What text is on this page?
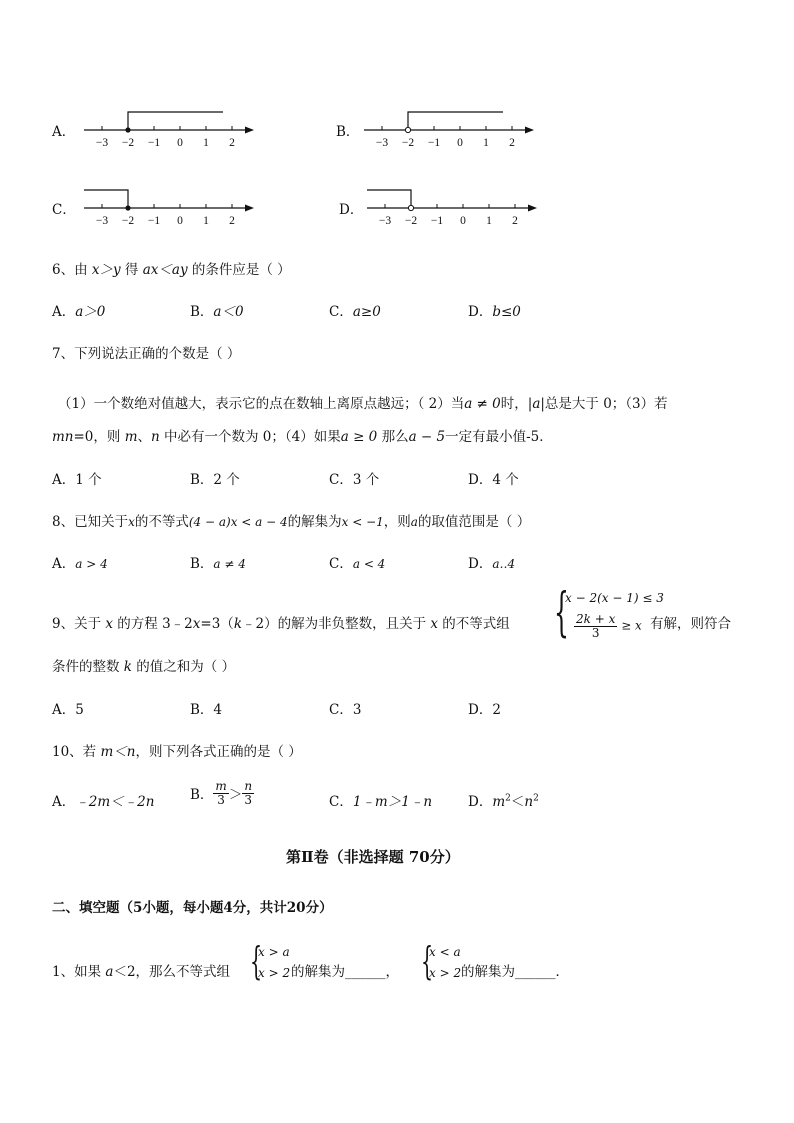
A．
−3 −2 −1 0 1 2
B．
−3 −2 −1 0 1 2
C．
−3 −2 −1 0 1 2
D．
−3 −2 −1 0 1 2
6、由 x＞y 得 ax＜ay 的条件应是（ ）
A．a＞0	B．a＜0	C．a≥0	D．b≤0
7、下列说法正确的个数是（ ）
（1）一个数绝对值越大，表示它的点在数轴上离原点越远；（ 2）当a ≠ 0时，|a|总是大于 0；（3）若
mn=0，则 m、n 中必有一个数为 0；（4）如果a ≥ 0 那么a − 5一定有最小值-5．
A．1 个	B．2 个	C．3 个	D．4 个
8、已知关于x的不等式(4 − a)x < a − 4的解集为x < −1，则a的取值范围是（ ）
A．a > 4	B．a ≠ 4	C．a < 4	D．a‥4
9、关于 x 的方程 3﹣2x=3（k﹣2）的解为非负整数，且关于 x 的不等式组 {
x − 2(x − 1) ≤ 3
$\frac{2k + x}{3} \ge x$ 有解，则符合
条件的整数 k 的值之和为（ ）
A．5	B．4	C．3	D．2
10、若 m＜n，则下列各式正确的是（ ）
A．﹣2m＜﹣2n	B． $\frac{m}{3} > \frac{n}{3}$	C．1﹣m＞1﹣n	D．$m^2<n^2$
第Ⅱ卷（非选择题 70分）
二、填空题（5小题，每小题4分，共计20分）
1、如果 a＜2，那么不等式组 {
x > a
x > 2 的解集为______， {
x < a
x > 2 的解集为______．
